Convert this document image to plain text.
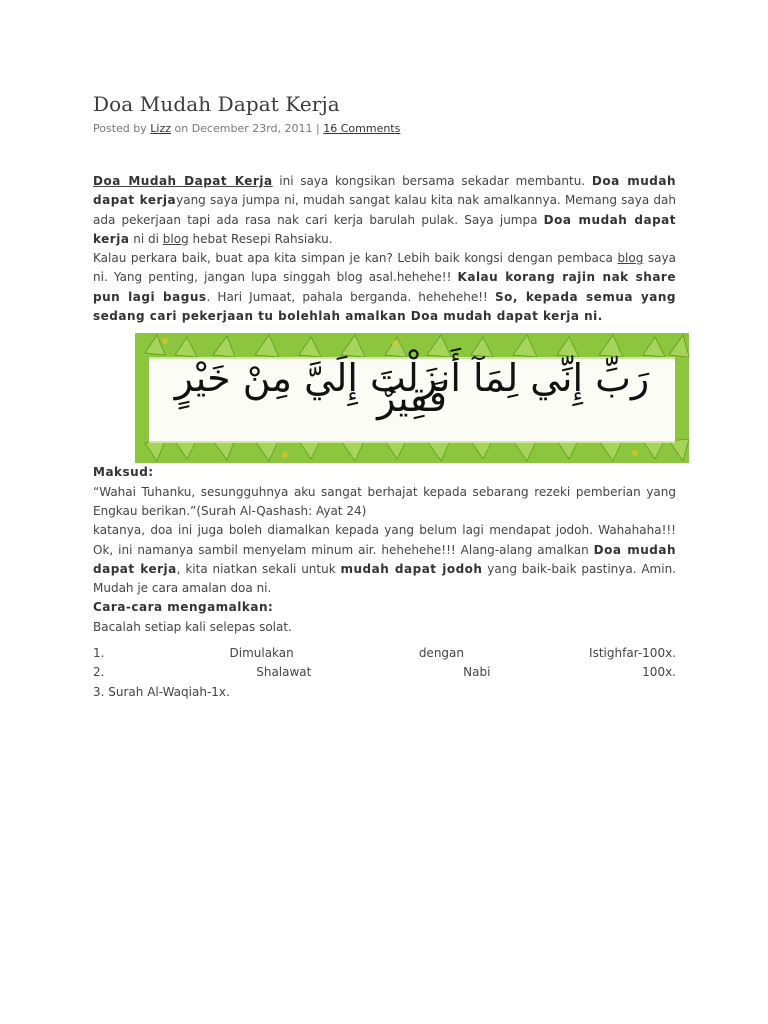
Doa Mudah Dapat Kerja
Posted by Lizz on December 23rd, 2011 | 16 Comments

Doa Mudah Dapat Kerja ini saya kongsikan bersama sekadar membantu. Doa mudah dapat kerjayang saya jumpa ni, mudah sangat kalau kita nak amalkannya. Memang saya dah ada pekerjaan tapi ada rasa nak cari kerja barulah pulak. Saya jumpa Doa mudah dapat kerja ni di blog hebat Resepi Rahsiaku.

Kalau perkara baik, buat apa kita simpan je kan? Lebih baik kongsi dengan pembaca blog saya ni. Yang penting, jangan lupa singgah blog asal.hehehe!! Kalau korang rajin nak share pun lagi bagus. Hari Jumaat, pahala berganda. hehehehe!! So, kepada semua yang sedang cari pekerjaan tu bolehlah amalkan Doa mudah dapat kerja ni.

رَبِّ إِنِّي لِمَآ أَنزَلْتَ إِلَيَّ مِنْ خَيْرٍ فَقِيرٌ

Maksud:

“Wahai Tuhanku, sesungguhnya aku sangat berhajat kepada sebarang rezeki pemberian yang Engkau berikan.”(Surah Al-Qashash: Ayat 24)

katanya, doa ini juga boleh diamalkan kepada yang belum lagi mendapat jodoh. Wahahaha!!! Ok, ini namanya sambil menyelam minum air. hehehehe!!! Alang-alang amalkan Doa mudah dapat kerja, kita niatkan sekali untuk mudah dapat jodoh yang baik-baik pastinya. Amin. Mudah je cara amalan doa ni.

Cara-cara mengamalkan:

Bacalah setiap kali selepas solat.

1.	Dimulakan	dengan	Istighfar-100x.
2.	Shalawat	Nabi	100x.

3. Surah Al-Waqiah-1x.
